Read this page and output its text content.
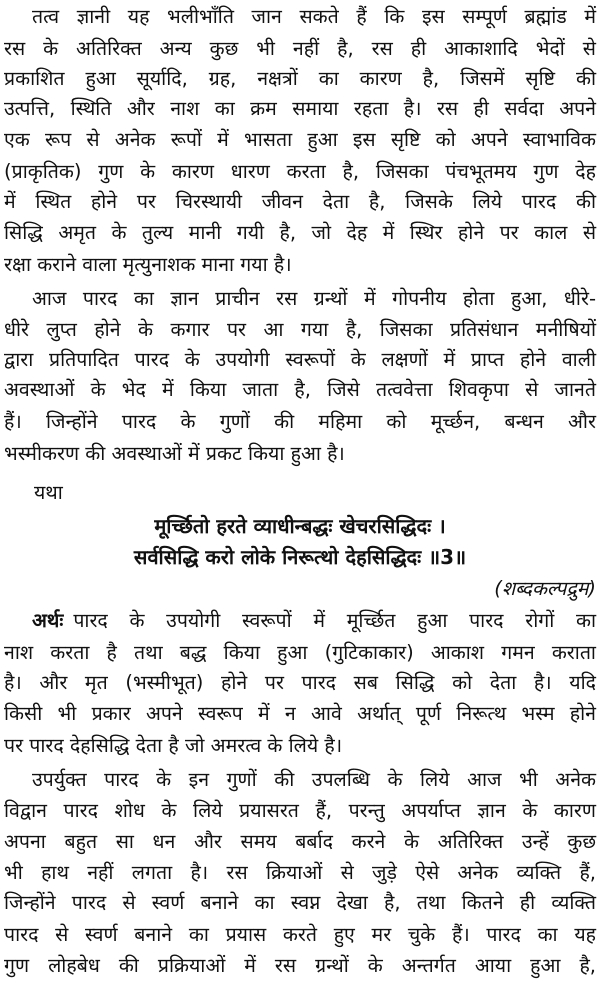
तत्व ज्ञानी यह भलीभाँति जान सकते हैं कि इस सम्पूर्ण ब्रह्मांड में
रस के अतिरिक्त अन्य कुछ भी नहीं है, रस ही आकाशादि भेदों से
प्रकाशित हुआ सूर्यादि, ग्रह, नक्षत्रों का कारण है, जिसमें सृष्टि की
उत्पत्ति, स्थिति और नाश का क्रम समाया रहता है। रस ही सर्वदा अपने
एक रूप से अनेक रूपों में भासता हुआ इस सृष्टि को अपने स्वाभाविक
(प्राकृतिक) गुण के कारण धारण करता है, जिसका पंचभूतमय गुण देह
में स्थित होने पर चिरस्थायी जीवन देता है, जिसके लिये पारद की
सिद्धि अमृत के तुल्य मानी गयी है, जो देह में स्थिर होने पर काल से
रक्षा कराने वाला मृत्युनाशक माना गया है।
आज पारद का ज्ञान प्राचीन रस ग्रन्थों में गोपनीय होता हुआ, धीरे-
धीरे लुप्त होने के कगार पर आ गया है, जिसका प्रतिसंधान मनीषियों
द्वारा प्रतिपादित पारद के उपयोगी स्वरूपों के लक्षणों में प्राप्त होने वाली
अवस्थाओं के भेद में किया जाता है, जिसे तत्ववेत्ता शिवकृपा से जानते
हैं। जिन्होंने पारद के गुणों की महिमा को मूर्च्छन, बन्धन और
भस्मीकरण की अवस्थाओं में प्रकट किया हुआ है।
यथा
मूर्च्छितो हरते व्याधीन्बद्धः खेचरसिद्धिदः ।
सर्वसिद्धि करो लोके निरूत्थो देहसिद्धिदः ॥3॥
(शब्दकल्पद्रुम)
अर्थः पारद के उपयोगी स्वरूपों में मूर्च्छित हुआ पारद रोगों का
नाश करता है तथा बद्ध किया हुआ (गुटिकाकार) आकाश गमन कराता
है। और मृत (भस्मीभूत) होने पर पारद सब सिद्धि को देता है। यदि
किसी भी प्रकार अपने स्वरूप में न आवे अर्थात् पूर्ण निरूत्थ भस्म होने
पर पारद देहसिद्धि देता है जो अमरत्व के लिये है।
उपर्युक्त पारद के इन गुणों की उपलब्धि के लिये आज भी अनेक
विद्वान पारद शोध के लिये प्रयासरत हैं, परन्तु अपर्याप्त ज्ञान के कारण
अपना बहुत सा धन और समय बर्बाद करने के अतिरिक्त उन्हें कुछ
भी हाथ नहीं लगता है। रस क्रियाओं से जुड़े ऐसे अनेक व्यक्ति हैं,
जिन्होंने पारद से स्वर्ण बनाने का स्वप्न देखा है, तथा कितने ही व्यक्ति
पारद से स्वर्ण बनाने का प्रयास करते हुए मर चुके हैं। पारद का यह
गुण लोहबेध की प्रक्रियाओं में रस ग्रन्थों के अन्तर्गत आया हुआ है,
